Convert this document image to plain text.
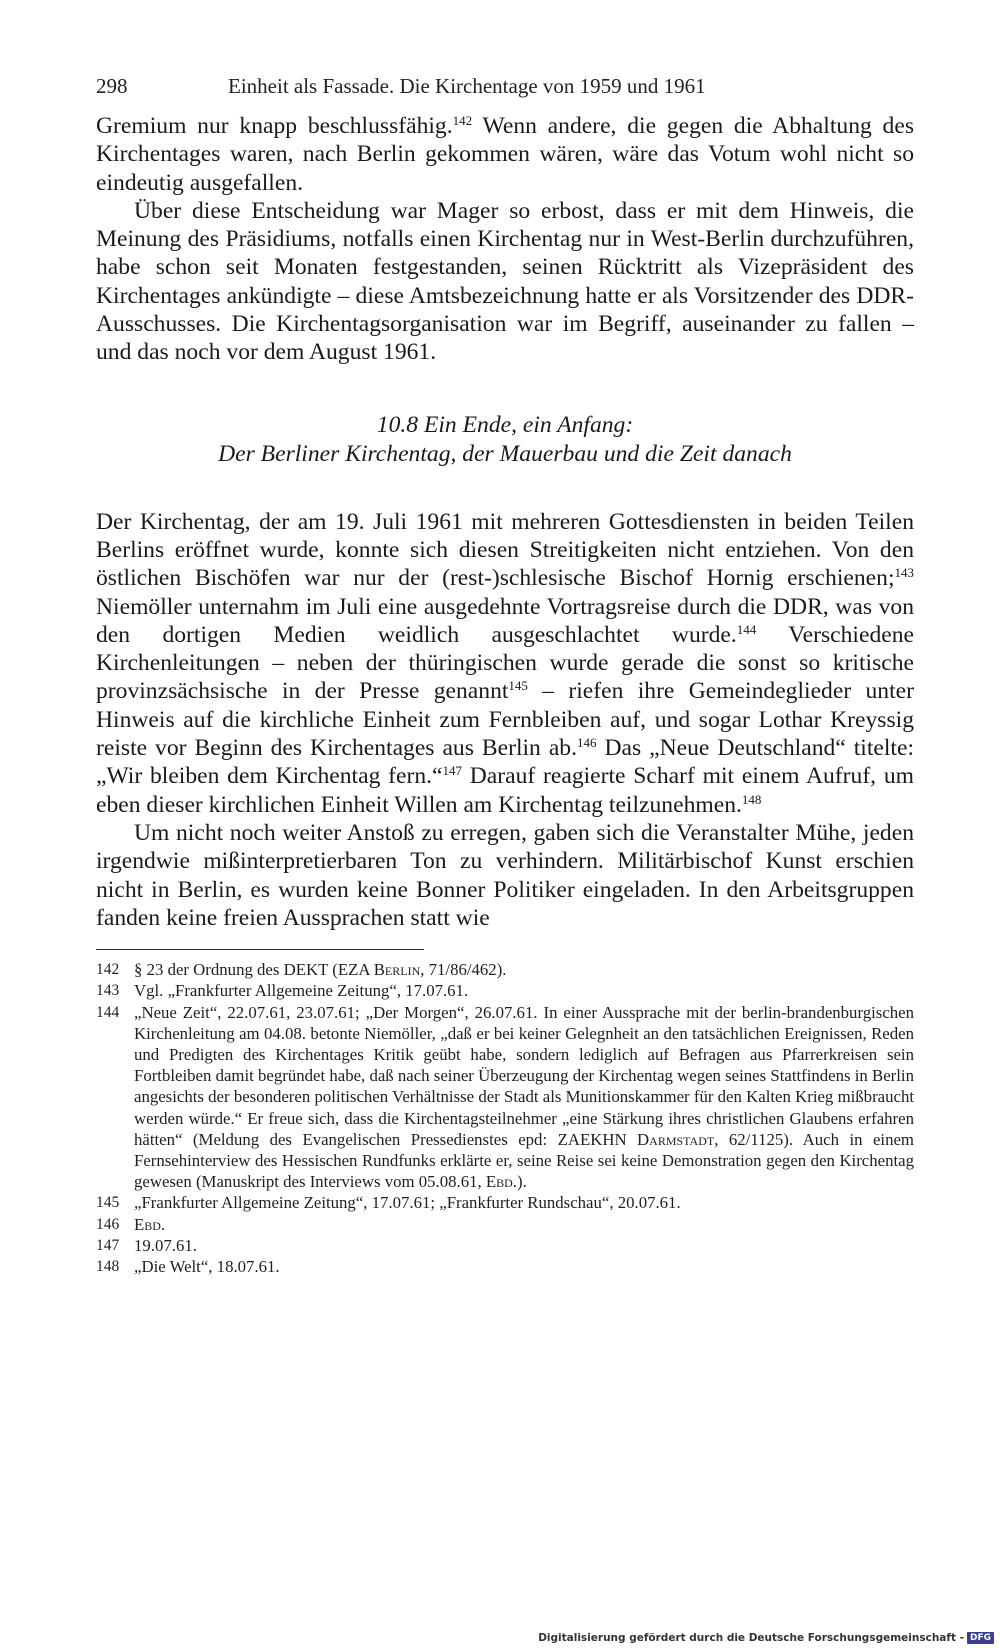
298	Einheit als Fassade. Die Kirchentage von 1959 und 1961

Gremium nur knapp beschlussfähig.$^{142}$ Wenn andere, die gegen die Abhaltung des Kirchentages waren, nach Berlin gekommen wären, wäre das Votum wohl nicht so eindeutig ausgefallen.

Über diese Entscheidung war Mager so erbost, dass er mit dem Hinweis, die Meinung des Präsidiums, notfalls einen Kirchentag nur in West-Berlin durchzuführen, habe schon seit Monaten festgestanden, seinen Rücktritt als Vizepräsident des Kirchentages ankündigte – diese Amtsbezeichnung hatte er als Vorsitzender des DDR-Ausschusses. Die Kirchentagsorganisation war im Begriff, auseinander zu fallen – und das noch vor dem August 1961.

10.8 Ein Ende, ein Anfang:
Der Berliner Kirchentag, der Mauerbau und die Zeit danach

Der Kirchentag, der am 19. Juli 1961 mit mehreren Gottesdiensten in beiden Teilen Berlins eröffnet wurde, konnte sich diesen Streitigkeiten nicht entziehen. Von den östlichen Bischöfen war nur der (rest-)schlesische Bischof Hornig erschienen;$^{143}$ Niemöller unternahm im Juli eine ausgedehnte Vortragsreise durch die DDR, was von den dortigen Medien weidlich ausgeschlachtet wurde.$^{144}$ Verschiedene Kirchenleitungen – neben der thüringischen wurde gerade die sonst so kritische provinzsächsische in der Presse genannt$^{145}$ – riefen ihre Gemeindeglieder unter Hinweis auf die kirchliche Einheit zum Fernbleiben auf, und sogar Lothar Kreyssig reiste vor Beginn des Kirchentages aus Berlin ab.$^{146}$ Das „Neue Deutschland“ titelte: „Wir bleiben dem Kirchentag fern.“$^{147}$ Darauf reagierte Scharf mit einem Aufruf, um eben dieser kirchlichen Einheit Willen am Kirchentag teilzunehmen.$^{148}$

Um nicht noch weiter Anstoß zu erregen, gaben sich die Veranstalter Mühe, jeden irgendwie mißinterpretierbaren Ton zu verhindern. Militärbischof Kunst erschien nicht in Berlin, es wurden keine Bonner Politiker eingeladen. In den Arbeitsgruppen fanden keine freien Aussprachen statt wie

142 § 23 der Ordnung des DEKT (EZA Berlin, 71/86/462).
143 Vgl. „Frankfurter Allgemeine Zeitung“, 17.07.61.
144 „Neue Zeit“, 22.07.61, 23.07.61; „Der Morgen“, 26.07.61. In einer Aussprache mit der berlin-brandenburgischen Kirchenleitung am 04.08. betonte Niemöller, „daß er bei keiner Gelegnheit an den tatsächlichen Ereignissen, Reden und Predigten des Kirchentages Kritik geübt habe, sondern lediglich auf Befragen aus Pfarrerkreisen sein Fortbleiben damit begründet habe, daß nach seiner Überzeugung der Kirchentag wegen seines Stattfindens in Berlin angesichts der besonderen politischen Verhältnisse der Stadt als Munitionskammer für den Kalten Krieg mißbraucht werden würde.“ Er freue sich, dass die Kirchentagsteilnehmer „eine Stärkung ihres christlichen Glaubens erfahren hätten“ (Meldung des Evangelischen Pressedienstes epd: ZAEKHN Darmstadt, 62/1125). Auch in einem Fernsehinterview des Hessischen Rundfunks erklärte er, seine Reise sei keine Demonstration gegen den Kirchentag gewesen (Manuskript des Interviews vom 05.08.61, Ebd.).
145 „Frankfurter Allgemeine Zeitung“, 17.07.61; „Frankfurter Rundschau“, 20.07.61.
146 Ebd.
147 19.07.61.
148 „Die Welt“, 18.07.61.
Digitalisierung gefördert durch die Deutsche Forschungsgemeinschaft - DFG
